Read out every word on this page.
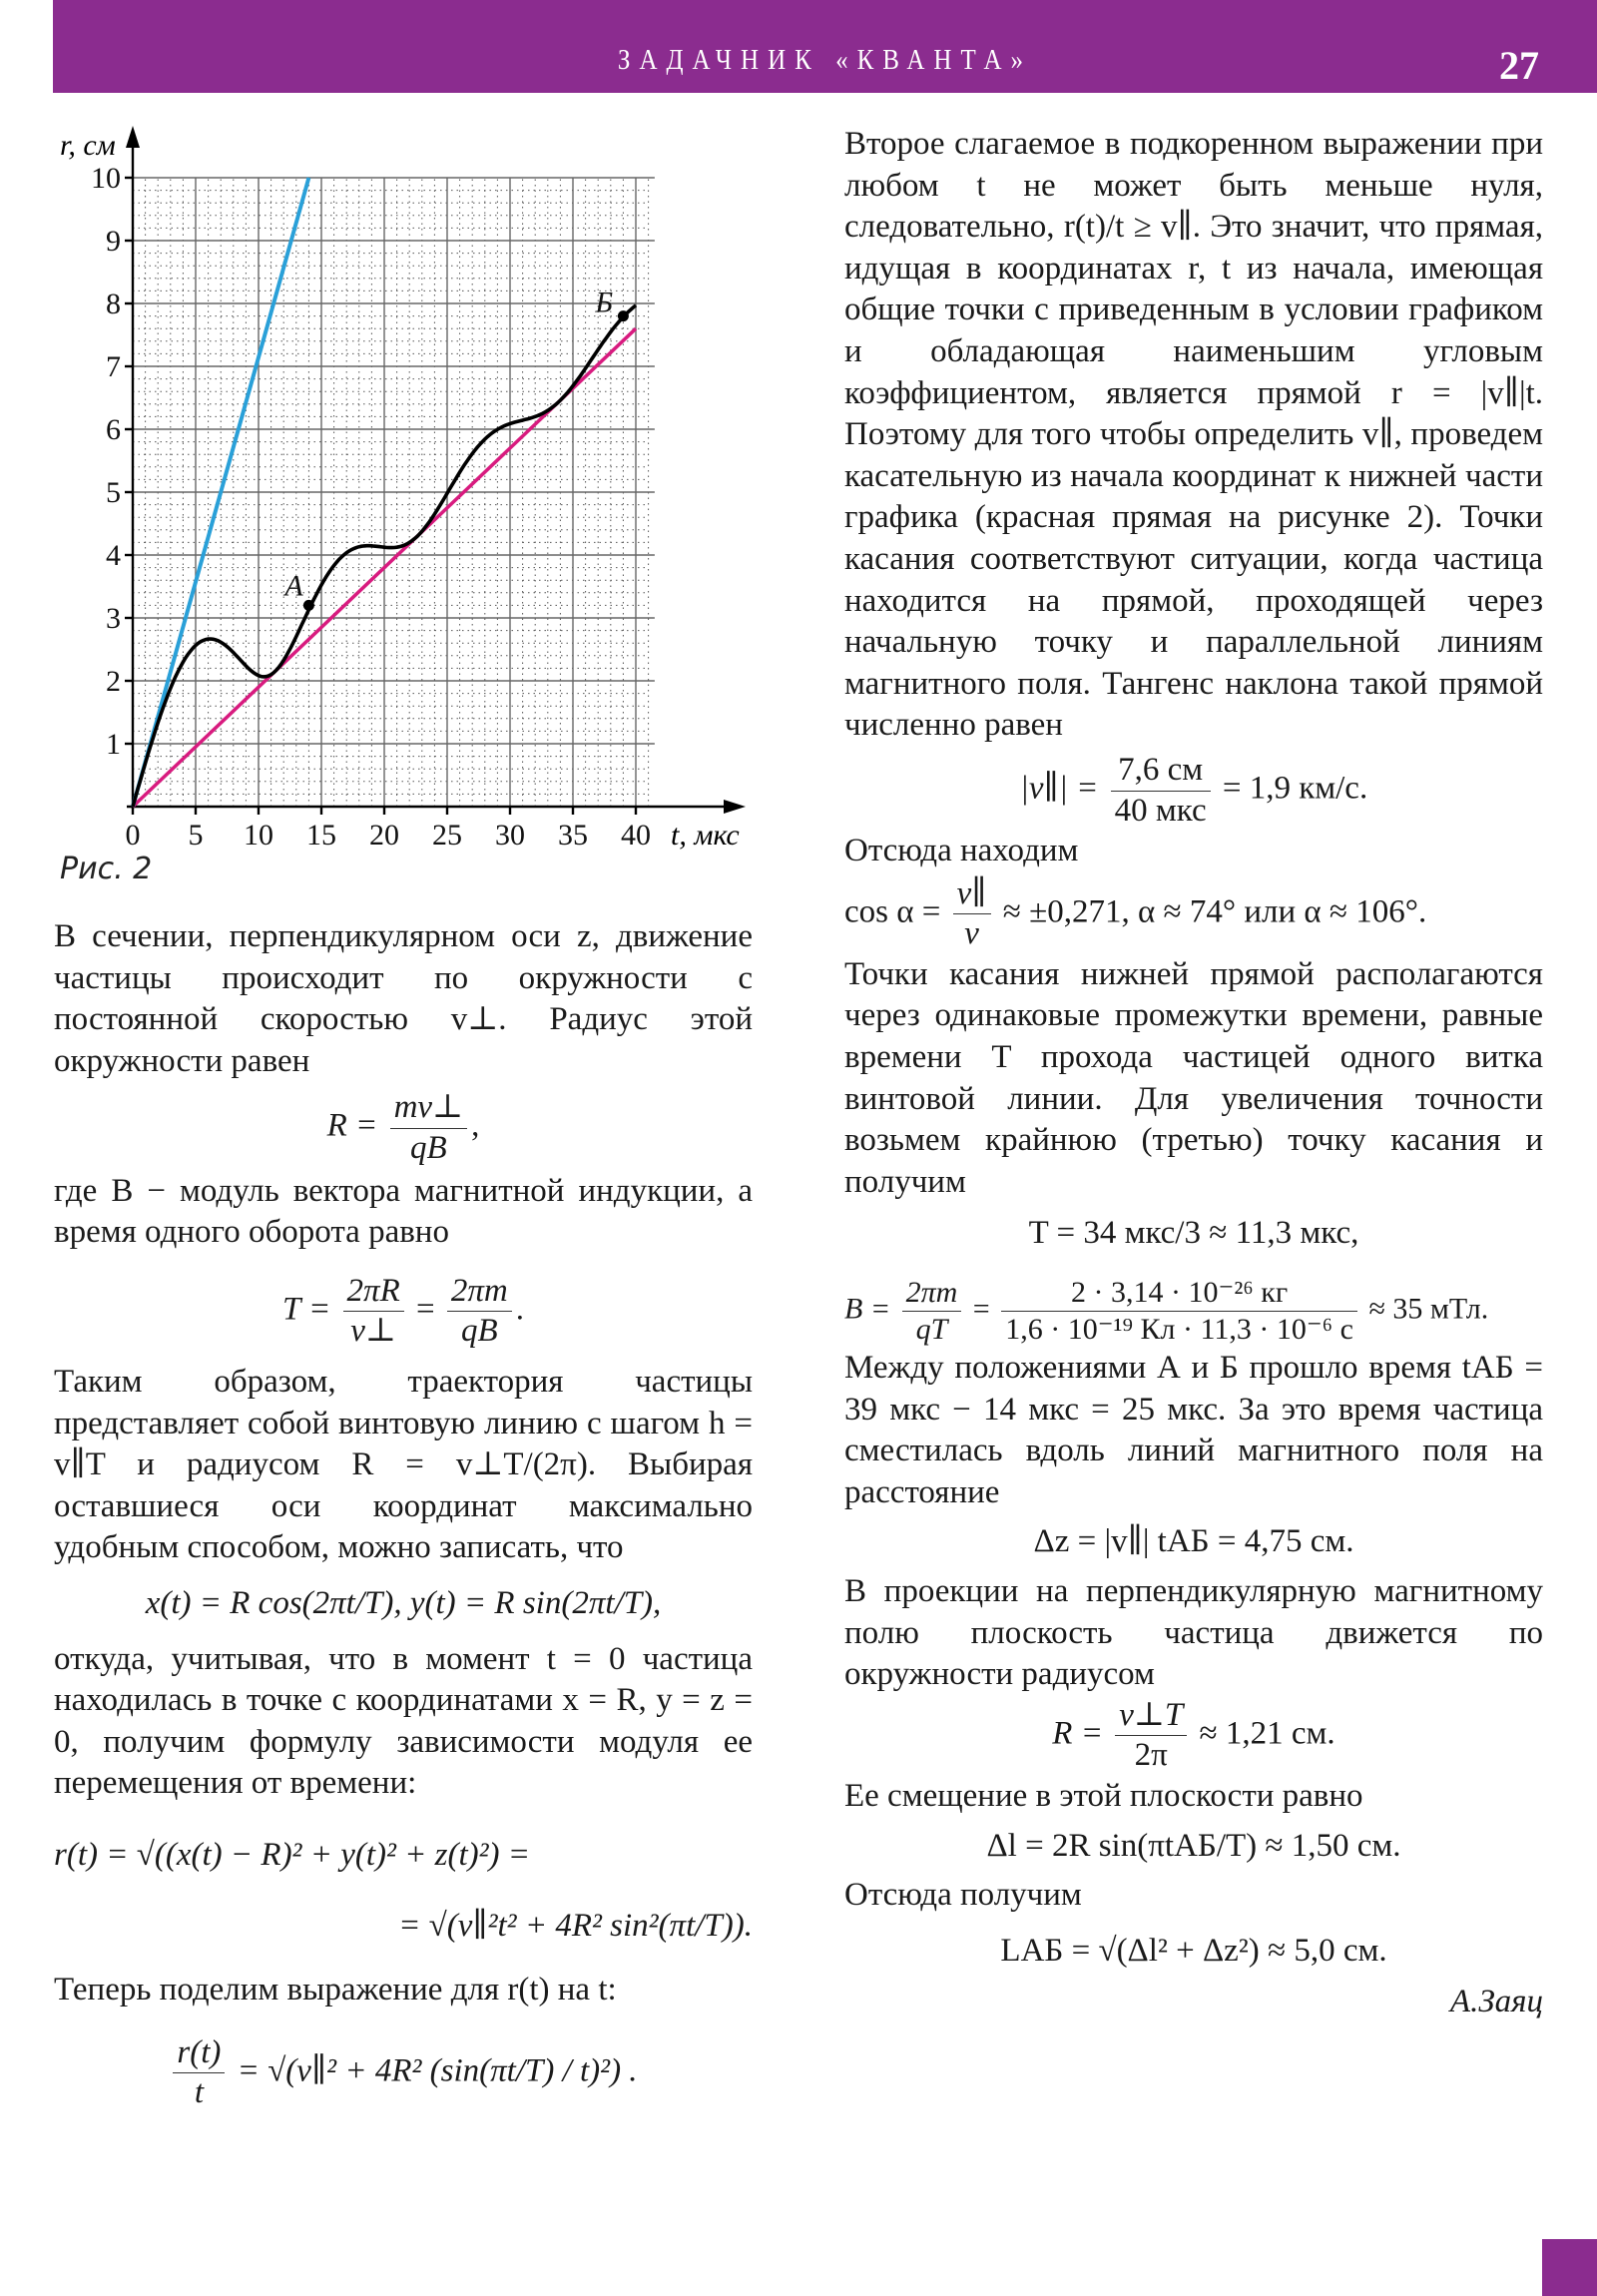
ЗАДАЧНИК «КВАНТА»	27
1
2
3
4
5
6
7
8
9
10
0 5 10 15 20 25 30 35 40
А
Б
r, см
t, мкс
Рис. 2

В сечении, перпендикулярном оси z, движение частицы происходит по окружности с постоянной скоростью v⊥. Радиус этой окружности равен

$R = \frac{mv\perp}{qB}$ ,

где B − модуль вектора магнитной индукции, а время одного оборота равно

$T = \frac{2\pi R}{v\perp} = \frac{2\pi m}{qB}$ .

Таким образом, траектория частицы представляет собой винтовую линию с шагом h = v∥T и радиусом R = v⊥T/(2π). Выбирая оставшиеся оси координат максимально удобным способом, можно записать, что

x(t) = R cos(2πt/T), y(t) = R sin(2πt/T),

откуда, учитывая, что в момент t = 0 частица находилась в точке с координатами x = R, y = z = 0, получим формулу зависимости модуля ее перемещения от времени:

r(t) = √((x(t) − R)² + y(t)² + z(t)²) =

= √(v∥²t² + 4R² sin²(πt/T)).

Теперь поделим выражение для r(t) на t:

$\frac{r(t)}{t}$ = √(v∥² + 4R² (sin(πt/T) / t)²) .

Второе слагаемое в подкоренном выражении при любом t не может быть меньше нуля, следовательно, r(t)/t ≥ v∥. Это значит, что прямая, идущая в координатах r, t из начала, имеющая общие точки с приведенным в условии графиком и обладающая наименьшим угловым коэффициентом, является прямой r = |v∥|t. Поэтому для того чтобы определить v∥, проведем касательную из начала координат к нижней части графика (красная прямая на рисунке 2). Точки касания соответствуют ситуации, когда частица находится на прямой, проходящей через начальную точку и параллельной линиям магнитного поля. Тангенс наклона такой прямой численно равен

|v∥| = $\frac{7,6 см}{\text{40 мкс}} = 1,9$ км/с.

Отсюда находим

$\cos \alpha = \frac{v\parallel}{v} \approx \pm 0,271$, α ≈ 74° или α ≈ 106°.

Точки касания нижней прямой располагаются через одинаковые промежутки времени, равные времени T прохода частицей одного витка винтовой линии. Для увеличения точности возьмем крайнюю (третью) точку касания и получим

T = 34 мкс/3 ≈ 11,3 мкс,

$B = \frac{2\pi m}{qT} = \frac{\text{2 · 3,14 · 10⁻²⁶ кг}}{\text{1,6 · 10⁻¹⁹ Кл · 11,3 · 10⁻⁶ с}} \approx 35$ мТл.

Между положениями А и Б прошло время tАБ = 39 мкс − 14 мкс = 25 мкс. За это время частица сместилась вдоль линий магнитного поля на расстояние

Δz = |v∥| tАБ = 4,75 см.

В проекции на перпендикулярную магнитному полю плоскость частица движется по окружности радиусом

$R = \frac{v\perp T}{2\pi} \approx 1,21$ см.

Ее смещение в этой плоскости равно

Δl = 2R sin(πtАБ/T) ≈ 1,50 см.

Отсюда получим

LАБ = √(Δl² + Δz²) ≈ 5,0 см.

А.Заяц
